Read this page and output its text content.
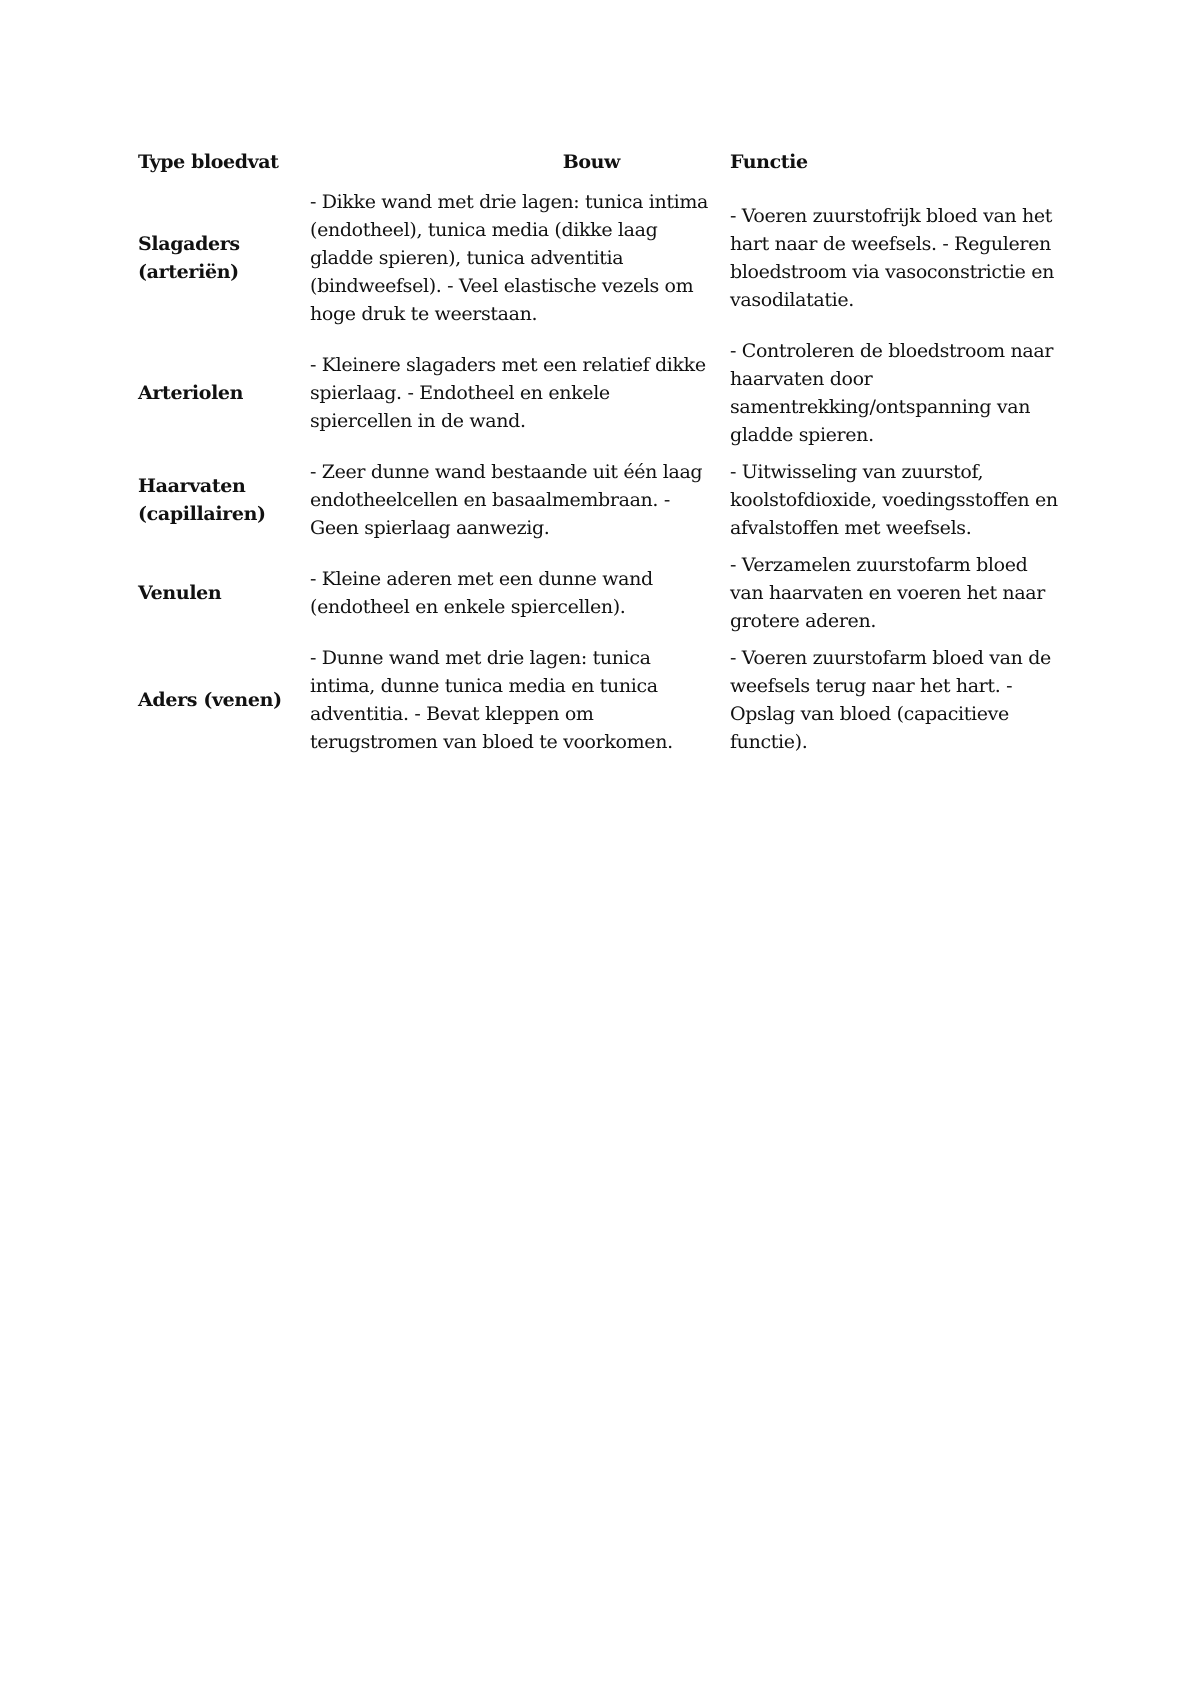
Type bloedvat	Bouw	Functie
Slagaders (arteriën)	- Dikke wand met drie lagen: tunica intima (endotheel), tunica media (dikke laag gladde spieren), tunica adventitia (bindweefsel). - Veel elastische vezels om hoge druk te weerstaan.	- Voeren zuurstofrijk bloed van het hart naar de weefsels. - Reguleren bloedstroom via vasoconstrictie en vasodilatatie.
Arteriolen	- Kleinere slagaders met een relatief dikke spierlaag. - Endotheel en enkele spiercellen in de wand.	- Controleren de bloedstroom naar haarvaten door samentrekking/ontspanning van gladde spieren.
Haarvaten (capillairen)	- Zeer dunne wand bestaande uit één laag endotheelcellen en basaalmembraan. - Geen spierlaag aanwezig.	- Uitwisseling van zuurstof, koolstofdioxide, voedingsstoffen en afvalstoffen met weefsels.
Venulen	- Kleine aderen met een dunne wand (endotheel en enkele spiercellen).	- Verzamelen zuurstofarm bloed van haarvaten en voeren het naar grotere aderen.
Aders (venen)	- Dunne wand met drie lagen: tunica intima, dunne tunica media en tunica adventitia. - Bevat kleppen om terugstromen van bloed te voorkomen.	- Voeren zuurstofarm bloed van de weefsels terug naar het hart. - Opslag van bloed (capacitieve functie).
